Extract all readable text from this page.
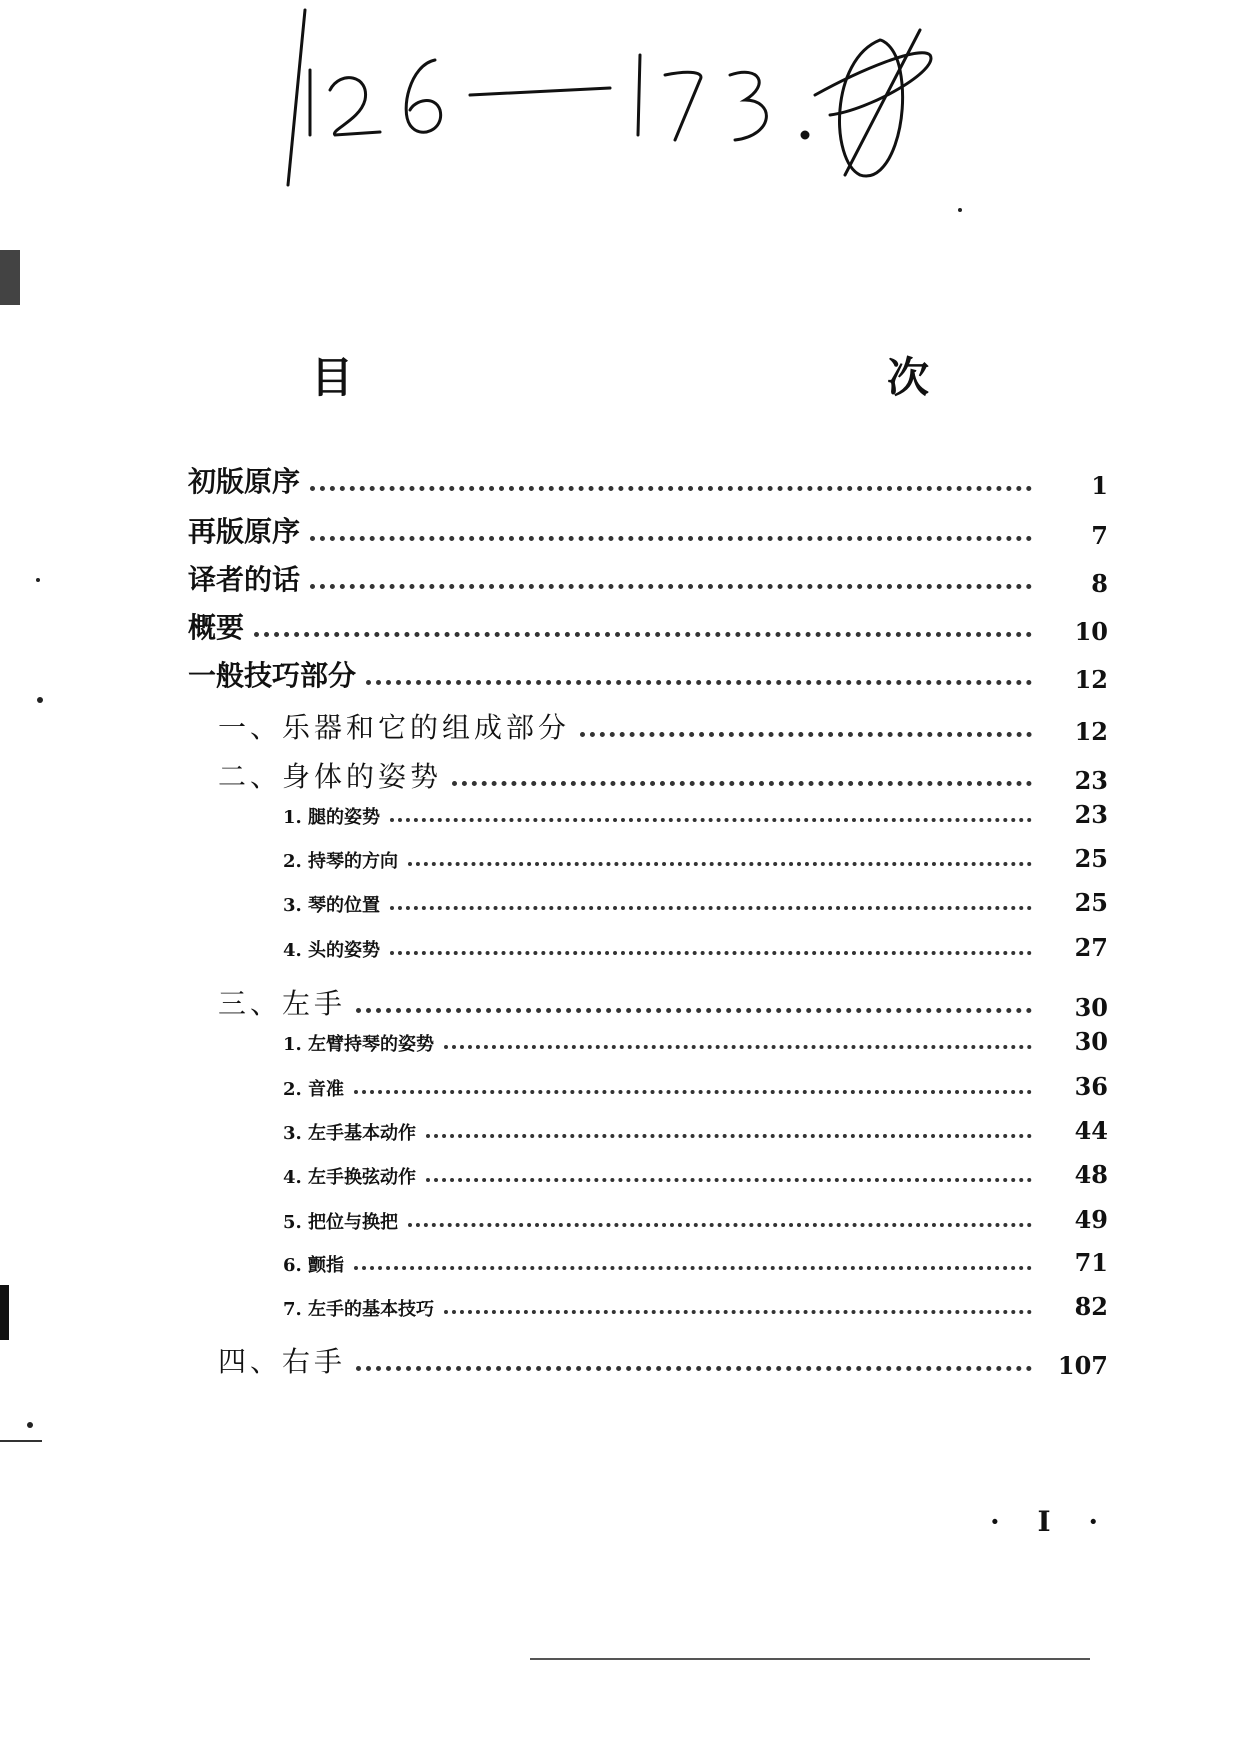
目　　次
初版原序	1
再版原序	7
译者的话	8
概要	10
一般技巧部分	12
一、乐器和它的组成部分	12
二、身体的姿势	23
1. 腿的姿势	23
2. 持琴的方向	25
3. 琴的位置	25
4. 头的姿势	27
三、左手	30
1. 左臂持琴的姿势	30
2. 音准	36
3. 左手基本动作	44
4. 左手换弦动作	48
5. 把位与换把	49
6. 颤指	71
7. 左手的基本技巧	82
四、右手	107
· I ·
